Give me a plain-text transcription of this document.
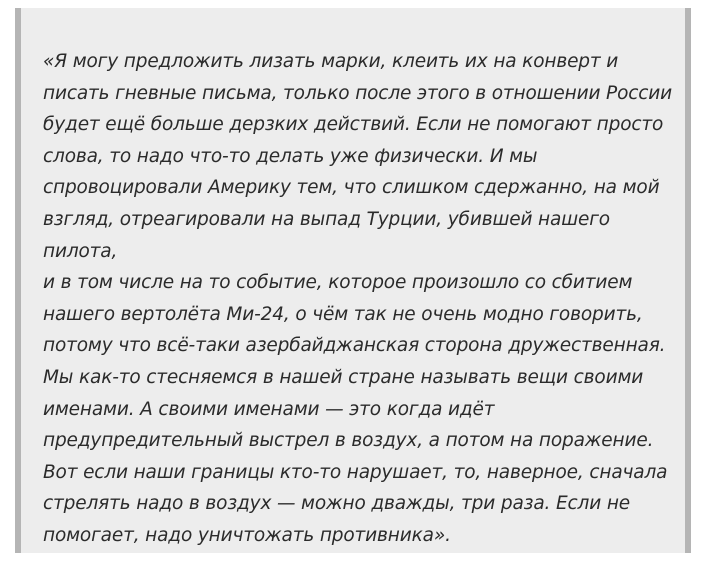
«Я могу предложить лизать марки, клеить их на конверт и
писать гневные письма, только после этого в отношении России
будет ещё больше дерзких действий. Если не помогают просто
слова, то надо что-то делать уже физически. И мы
спровоцировали Америку тем, что слишком сдержанно, на мой
взгляд, отреагировали на выпад Турции, убившей нашего пилота,
и в том числе на то событие, которое произошло со сбитием
нашего вертолёта Ми-24, о чём так не очень модно говорить,
потому что всё-таки азербайджанская сторона дружественная.
Мы как-то стесняемся в нашей стране называть вещи своими
именами. А своими именами — это когда идёт
предупредительный выстрел в воздух, а потом на поражение.
Вот если наши границы кто-то нарушает, то, наверное, сначала
стрелять надо в воздух — можно дважды, три раза. Если не
помогает, надо уничтожать противника».
